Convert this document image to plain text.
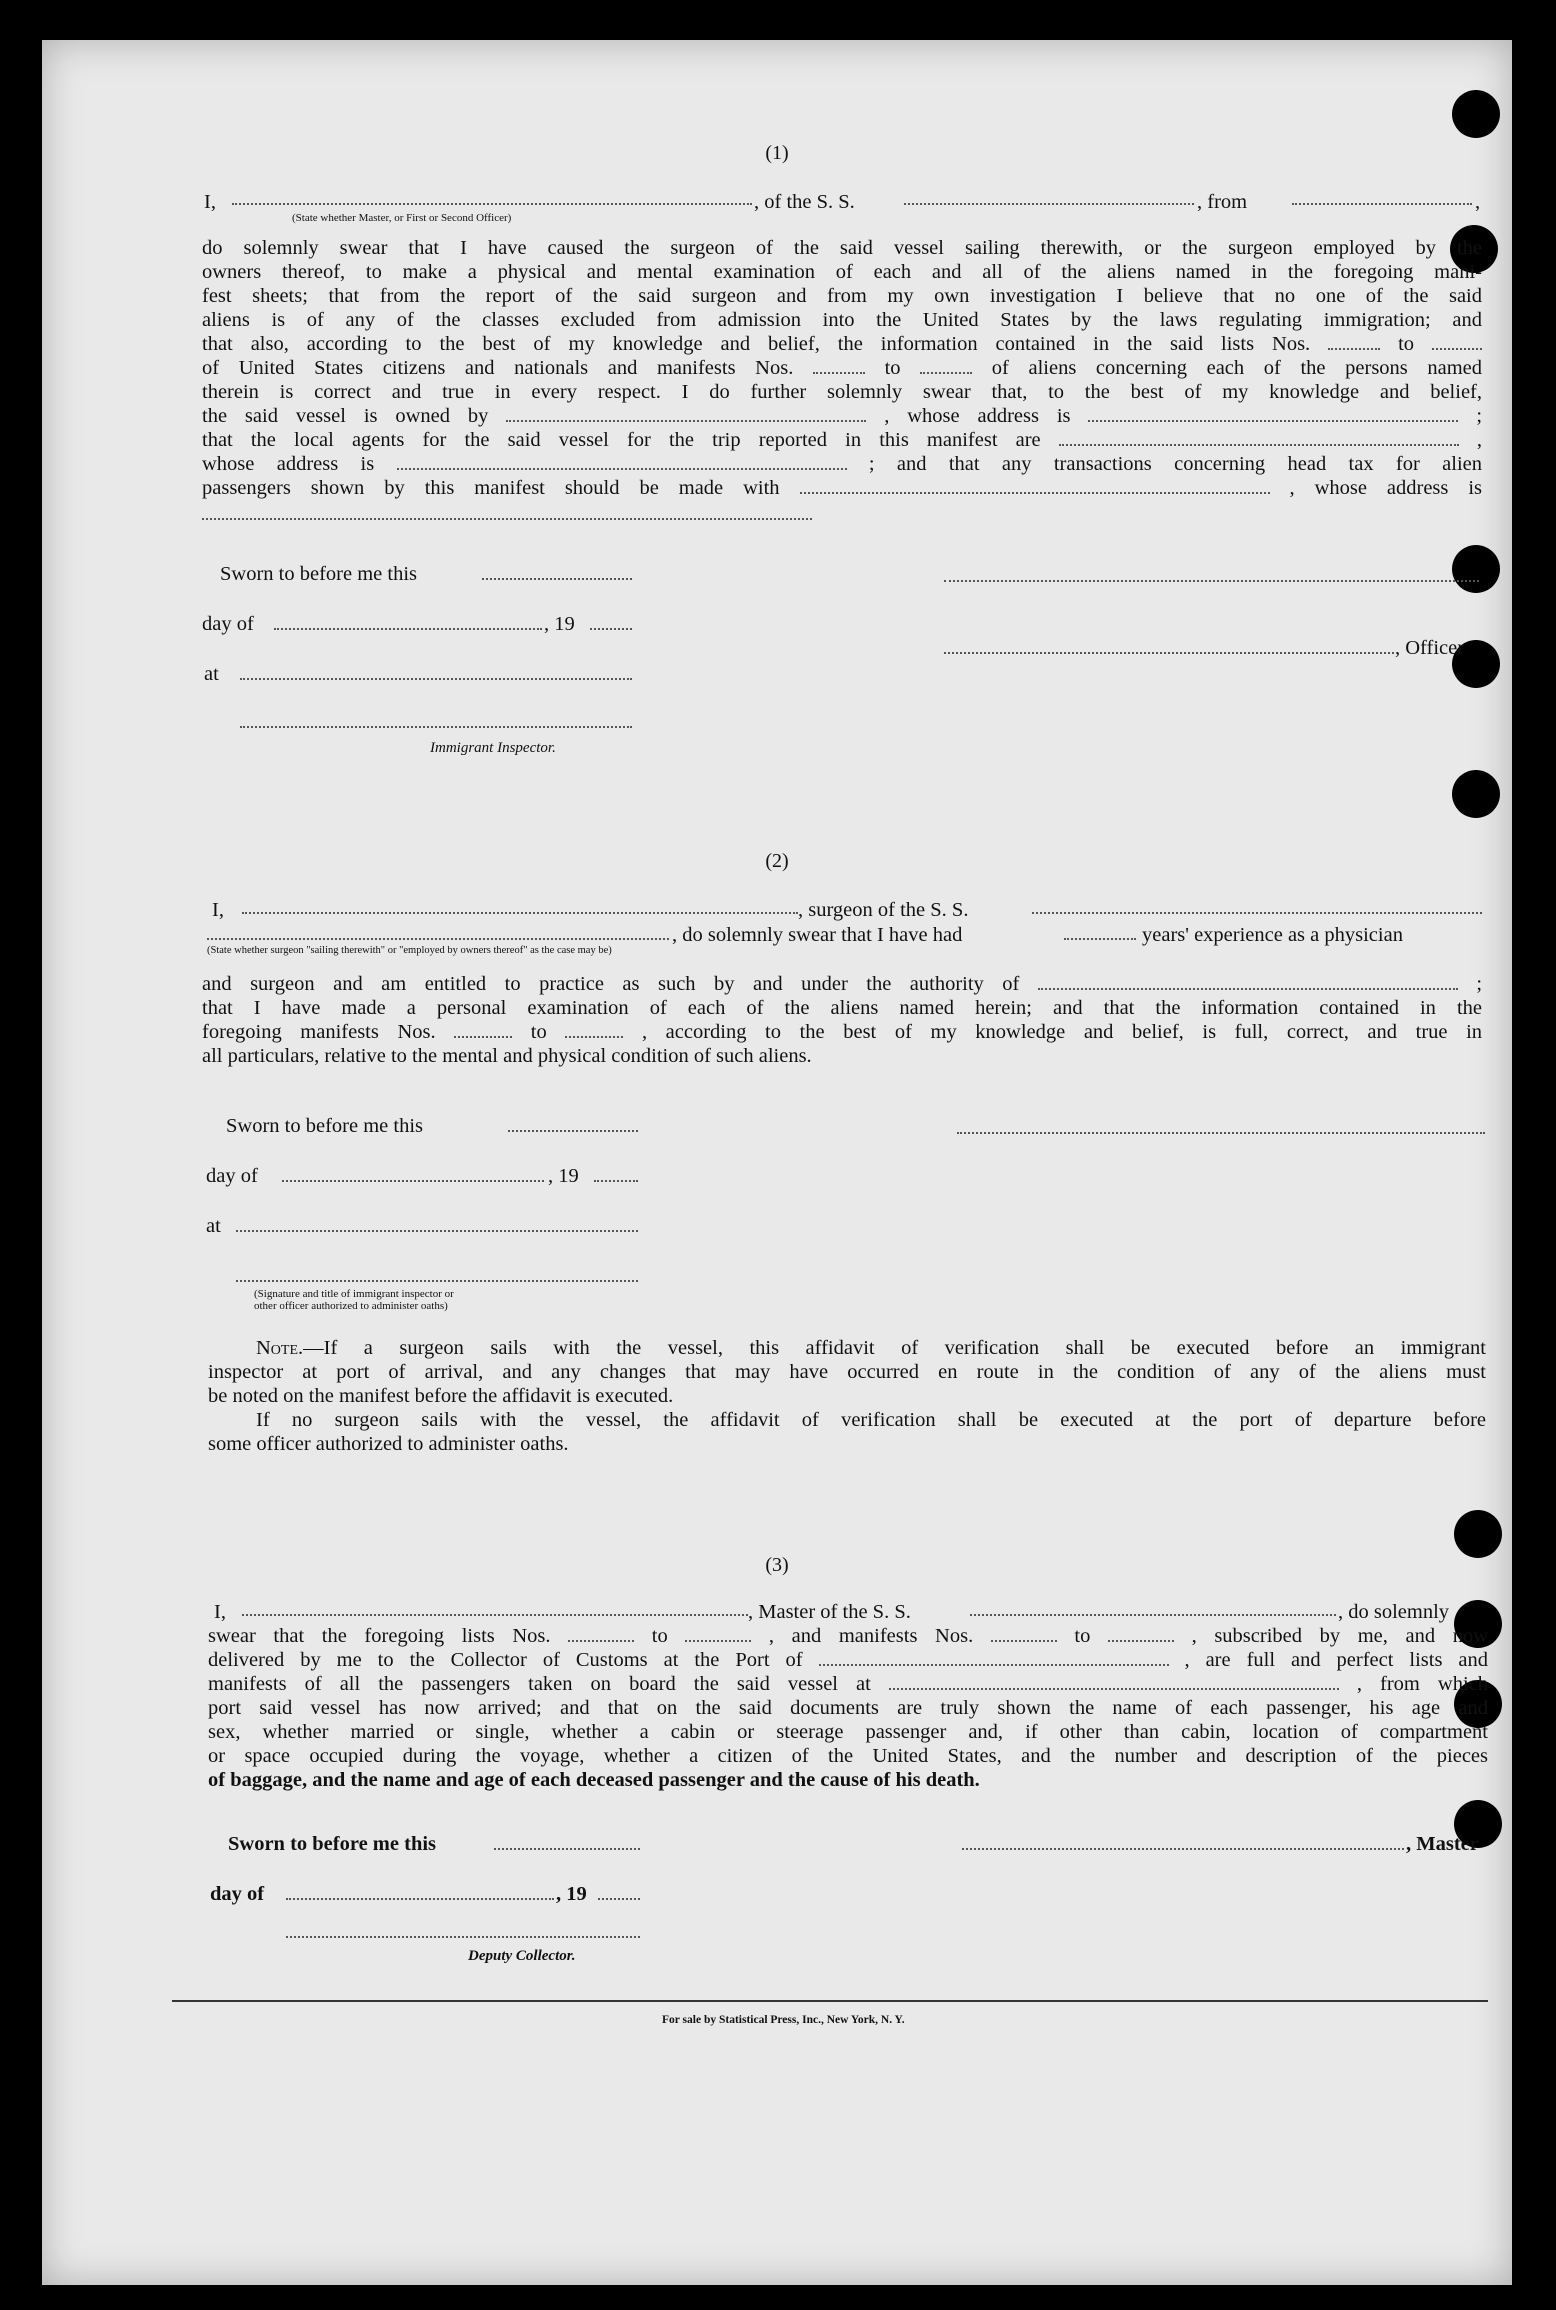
(1)
I,
(State whether Master, or First or Second Officer)
, of the S. S.	, from	,
do solemnly swear that I have caused the surgeon of the said vessel sailing therewith, or the surgeon employed by the
owners thereof, to make a physical and mental examination of each and all of the aliens named in the foregoing mani-
fest sheets; that from the report of the said surgeon and from my own investigation I believe that no one of the said
aliens is of any of the classes excluded from admission into the United States by the laws regulating immigration; and
that also, according to the best of my knowledge and belief, the information contained in the said lists Nos.	to
of United States citizens and nationals and manifests Nos.	to	of aliens concerning each of the persons named
therein is correct and true in every respect. I do further solemnly swear that, to the best of my knowledge and belief,
the said vessel is owned by	, whose address is	;
that the local agents for the said vessel for the trip reported in this manifest are	,
whose address is	; and that any transactions concerning head tax for alien
passengers shown by this manifest should be made with	, whose address is
Sworn to before me this
day of	, 19
, Officer
at
Immigrant Inspector.
(2)
I,	, surgeon of the S. S.
, do solemnly swear that I have had	years' experience as a physician
(State whether surgeon "sailing therewith" or "employed by owners thereof" as the case may be)
and surgeon and am entitled to practice as such by and under the authority of	;
that I have made a personal examination of each of the aliens named herein; and that the information contained in the
foregoing manifests Nos.	to	, according to the best of my knowledge and belief, is full, correct, and true in
all particulars, relative to the mental and physical condition of such aliens.
Sworn to before me this
day of	, 19
at
(Signature and title of immigrant inspector or
other officer authorized to administer oaths)
Note.—If a surgeon sails with the vessel, this affidavit of verification shall be executed before an immigrant
inspector at port of arrival, and any changes that may have occurred en route in the condition of any of the aliens must
be noted on the manifest before the affidavit is executed.
If no surgeon sails with the vessel, the affidavit of verification shall be executed at the port of departure before
some officer authorized to administer oaths.
(3)
I,	, Master of the S. S.	, do solemnly
swear that the foregoing lists Nos.	to	, and manifests Nos.	to	, subscribed by me, and now
delivered by me to the Collector of Customs at the Port of	, are full and perfect lists and
manifests of all the passengers taken on board the said vessel at	, from which
port said vessel has now arrived; and that on the said documents are truly shown the name of each passenger, his age and
sex, whether married or single, whether a cabin or steerage passenger and, if other than cabin, location of compartment
or space occupied during the voyage, whether a citizen of the United States, and the number and description of the pieces
of baggage, and the name and age of each deceased passenger and the cause of his death.
Sworn to before me this	, Master
day of	, 19
Deputy Collector.
For sale by Statistical Press, Inc., New York, N. Y.
